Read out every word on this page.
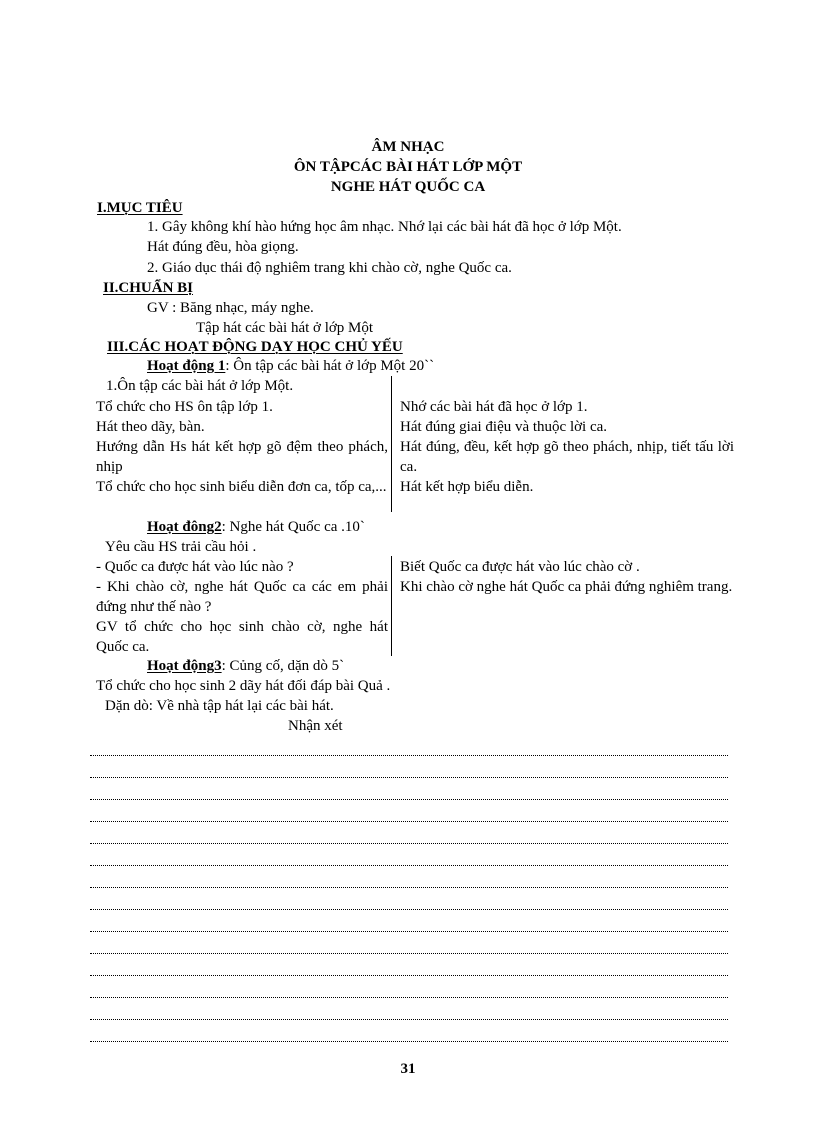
ÂM NHẠC
ÔN TẬPCÁC BÀI HÁT LỚP MỘT
NGHE HÁT QUỐC CA
I.MỤC TIÊU
1. Gây không khí hào hứng học âm nhạc. Nhớ lại các bài hát đã học ở lớp Một.
Hát đúng đều, hòa giọng.
2. Giáo dục thái độ nghiêm trang khi chào cờ, nghe Quốc ca.
II.CHUẨN BỊ
GV : Băng nhạc, máy nghe.
Tập hát các bài hát ở lớp Một
III.CÁC HOẠT ĐỘNG DẠY HỌC CHỦ YẾU
Hoạt động 1: Ôn tập các bài hát ở lớp Một 20``
1.Ôn tập các bài hát ở lớp Một.
Tổ chức cho HS ôn tập lớp 1.
Hát theo dãy, bàn.
Hướng dẫn Hs hát kết hợp gõ đệm theo phách, nhịp
Tổ chức cho học sinh biểu diễn đơn ca, tốp ca,...
Nhớ các bài hát đã học ở lớp 1.
Hát đúng giai điệu và thuộc lời ca.
Hát đúng, đều, kết hợp gõ theo phách, nhịp, tiết tấu lời ca.
Hát kết hợp biểu diễn.
Hoạt đông2: Nghe hát Quốc ca .10`
Yêu cầu HS trải cầu hỏi .
- Quốc ca được hát vào lúc nào ?
- Khi chào cờ, nghe hát Quốc ca các em phải đứng như thế nào ?
GV tổ chức cho học sinh chào cờ, nghe hát Quốc ca.
Biết Quốc ca được hát vào lúc chào cờ .
Khi chào cờ nghe hát Quốc ca phải đứng nghiêm trang.
Hoạt động3: Củng cố, dặn dò 5`
Tổ chức cho học sinh 2 dãy hát đối đáp bài Quả .
Dặn dò: Về nhà tập hát lại các bài hát.
Nhận xét
31
